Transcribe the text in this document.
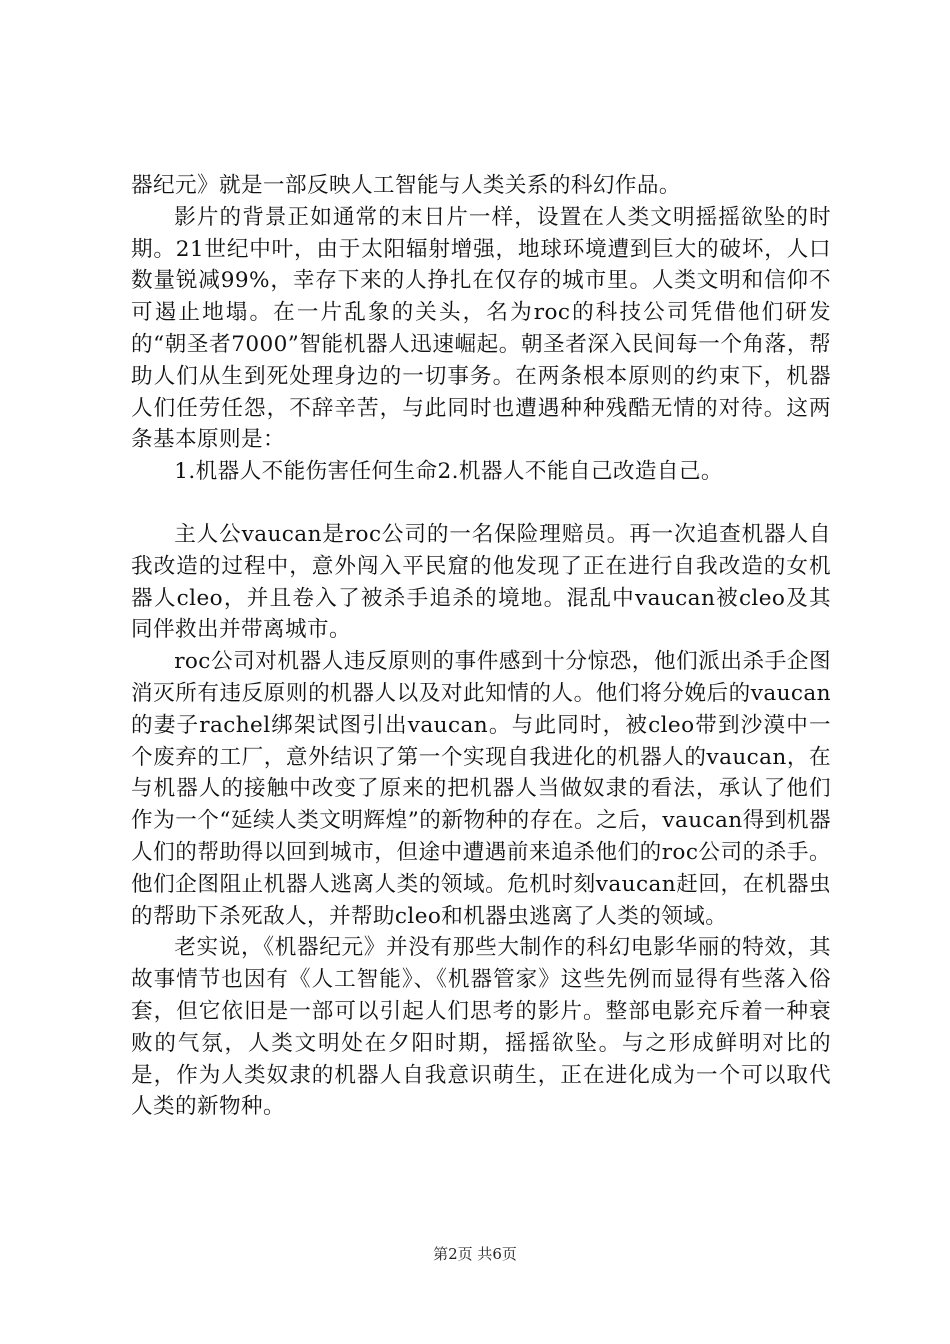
器纪元》就是一部反映人工智能与人类关系的科幻作品。

影片的背景正如通常的末日片一样，设置在人类文明摇摇欲坠的时期。21世纪中叶，由于太阳辐射增强，地球环境遭到巨大的破坏，人口数量锐减99%，幸存下来的人挣扎在仅存的城市里。人类文明和信仰不可遏止地塌。在一片乱象的关头，名为roc的科技公司凭借他们研发的“朝圣者7000”智能机器人迅速崛起。朝圣者深入民间每一个角落，帮助人们从生到死处理身边的一切事务。在两条根本原则的约束下，机器人们任劳任怨，不辞辛苦，与此同时也遭遇种种残酷无情的对待。这两条基本原则是：

1.机器人不能伤害任何生命2.机器人不能自己改造自己。

主人公vaucan是roc公司的一名保险理赔员。再一次追查机器人自我改造的过程中，意外闯入平民窟的他发现了正在进行自我改造的女机器人cleo，并且卷入了被杀手追杀的境地。混乱中vaucan被cleo及其同伴救出并带离城市。

roc公司对机器人违反原则的事件感到十分惊恐，他们派出杀手企图消灭所有违反原则的机器人以及对此知情的人。他们将分娩后的vaucan的妻子rachel绑架试图引出vaucan。与此同时，被cleo带到沙漠中一个废弃的工厂，意外结识了第一个实现自我进化的机器人的vaucan，在与机器人的接触中改变了原来的把机器人当做奴隶的看法，承认了他们作为一个“延续人类文明辉煌”的新物种的存在。之后，vaucan得到机器人们的帮助得以回到城市，但途中遭遇前来追杀他们的roc公司的杀手。他们企图阻止机器人逃离人类的领域。危机时刻vaucan赶回，在机器虫的帮助下杀死敌人，并帮助cleo和机器虫逃离了人类的领域。

老实说，《机器纪元》并没有那些大制作的科幻电影华丽的特效，其故事情节也因有《人工智能》、《机器管家》这些先例而显得有些落入俗套，但它依旧是一部可以引起人们思考的影片。整部电影充斥着一种衰败的气氛，人类文明处在夕阳时期，摇摇欲坠。与之形成鲜明对比的是，作为人类奴隶的机器人自我意识萌生，正在进化成为一个可以取代人类的新物种。

第2页 共6页
